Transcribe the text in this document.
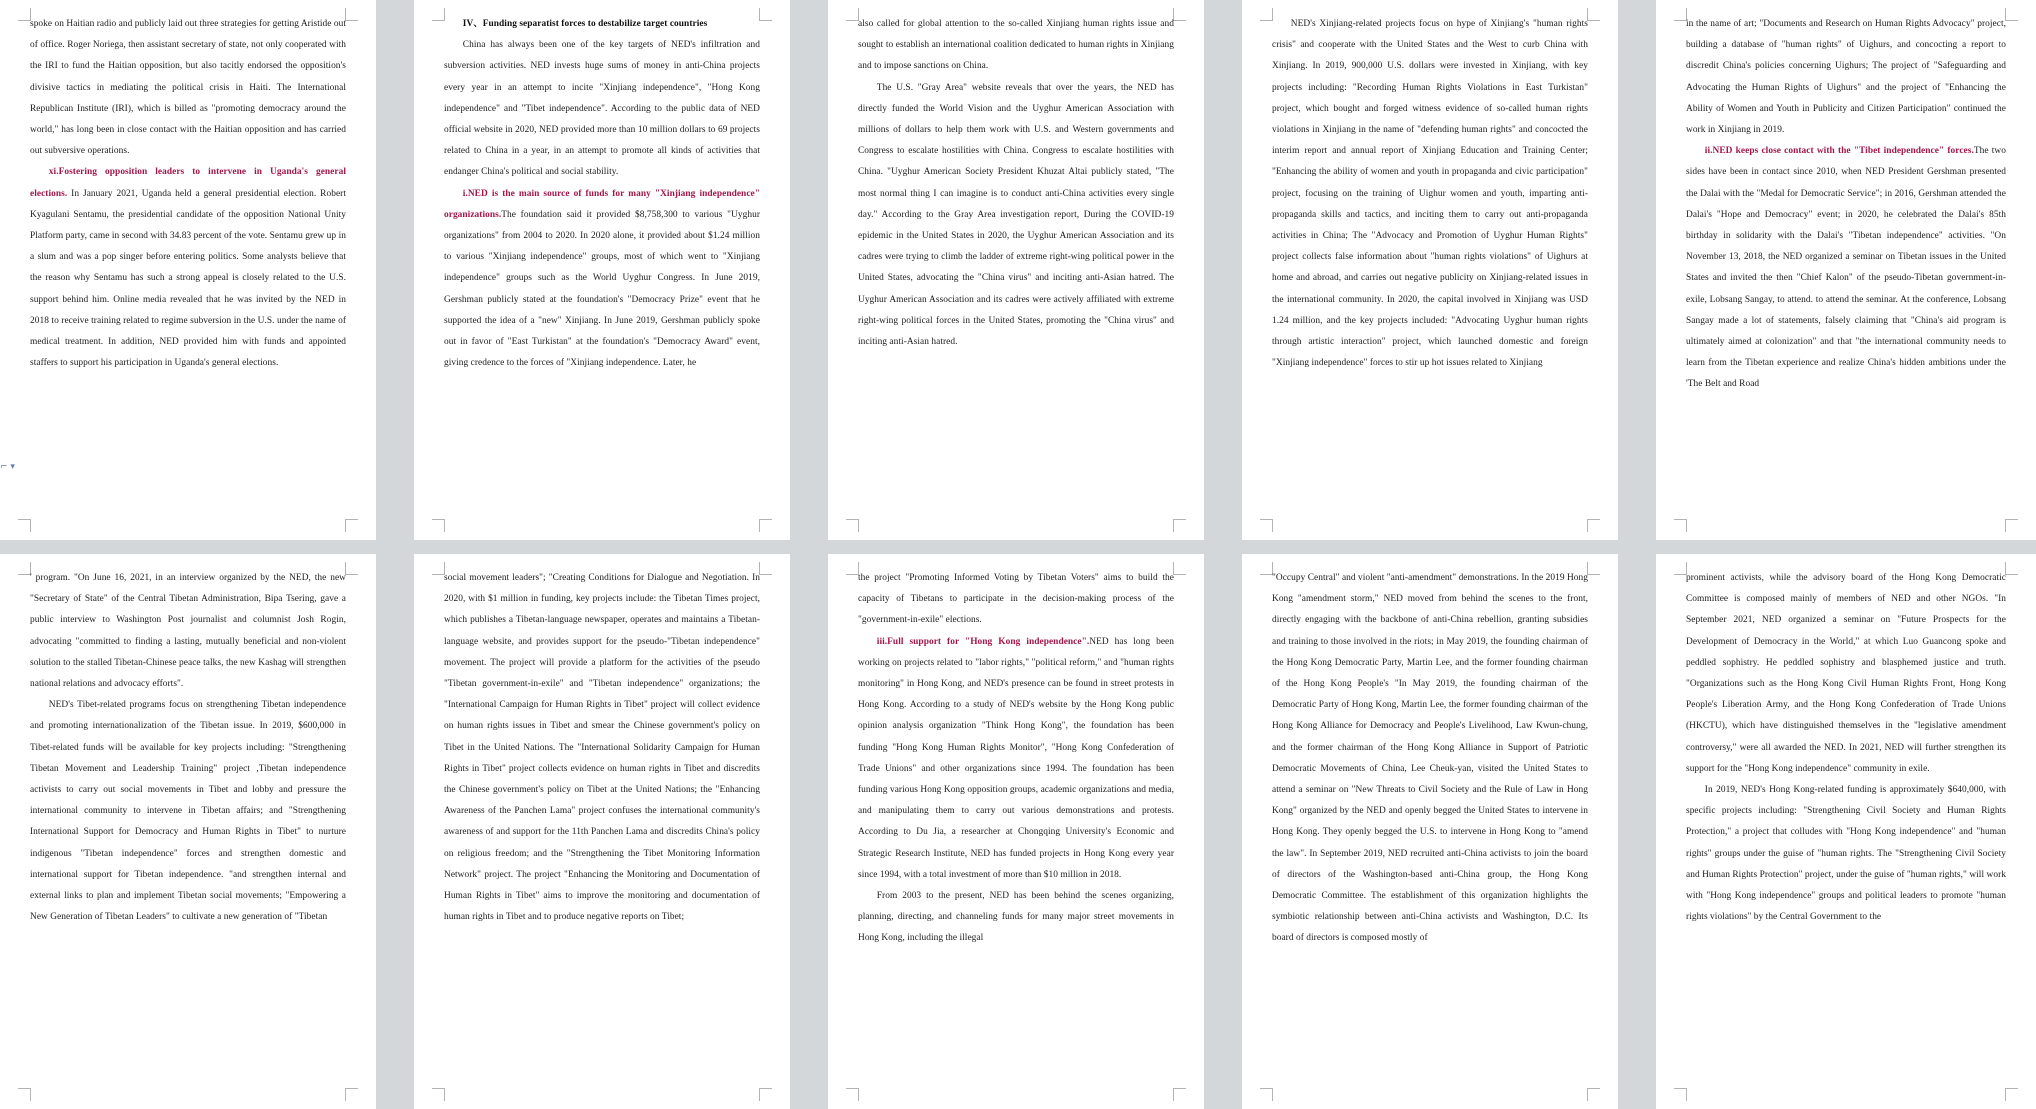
spoke on Haitian radio and publicly laid out three strategies for getting Aristide out of office. Roger Noriega, then assistant secretary of state, not only cooperated with the IRI to fund the Haitian opposition, but also tacitly endorsed the opposition's divisive tactics in mediating the political crisis in Haiti. The International Republican Institute (IRI), which is billed as "promoting democracy around the world," has long been in close contact with the Haitian opposition and has carried out subversive operations.

xi.Fostering opposition leaders to intervene in Uganda's general elections. In January 2021, Uganda held a general presidential election. Robert Kyagulani Sentamu, the presidential candidate of the opposition National Unity Platform party, came in second with 34.83 percent of the vote. Sentamu grew up in a slum and was a pop singer before entering politics. Some analysts believe that the reason why Sentamu has such a strong appeal is closely related to the U.S. support behind him. Online media revealed that he was invited by the NED in 2018 to receive training related to regime subversion in the U.S. under the name of medical treatment. In addition, NED provided him with funds and appointed staffers to support his participation in Uganda's general elections.

⌐ ▾

IV、Funding separatist forces to destabilize target countries

China has always been one of the key targets of NED's infiltration and subversion activities. NED invests huge sums of money in anti-China projects every year in an attempt to incite "Xinjiang independence", "Hong Kong independence" and "Tibet independence". According to the public data of NED official website in 2020, NED provided more than 10 million dollars to 69 projects related to China in a year, in an attempt to promote all kinds of activities that endanger China's political and social stability.

i.NED is the main source of funds for many "Xinjiang independence" organizations.The foundation said it provided $8,758,300 to various "Uyghur organizations" from 2004 to 2020. In 2020 alone, it provided about $1.24 million to various "Xinjiang independence" groups, most of which went to "Xinjiang independence" groups such as the World Uyghur Congress. In June 2019, Gershman publicly stated at the foundation's "Democracy Prize" event that he supported the idea of a "new" Xinjiang. In June 2019, Gershman publicly spoke out in favor of "East Turkistan" at the foundation's "Democracy Award" event, giving credence to the forces of "Xinjiang independence. Later, he

also called for global attention to the so-called Xinjiang human rights issue and sought to establish an international coalition dedicated to human rights in Xinjiang and to impose sanctions on China.

The U.S. "Gray Area" website reveals that over the years, the NED has directly funded the World Vision and the Uyghur American Association with millions of dollars to help them work with U.S. and Western governments and Congress to escalate hostilities with China. Congress to escalate hostilities with China. "Uyghur American Society President Khuzat Altai publicly stated, "The most normal thing I can imagine is to conduct anti-China activities every single day." According to the Gray Area investigation report, During the COVID-19 epidemic in the United States in 2020, the Uyghur American Association and its cadres were trying to climb the ladder of extreme right-wing political power in the United States, advocating the "China virus" and inciting anti-Asian hatred. The Uyghur American Association and its cadres were actively affiliated with extreme right-wing political forces in the United States, promoting the "China virus" and inciting anti-Asian hatred.

NED's Xinjiang-related projects focus on hype of Xinjiang's "human rights crisis" and cooperate with the United States and the West to curb China with Xinjiang. In 2019, 900,000 U.S. dollars were invested in Xinjiang, with key projects including: "Recording Human Rights Violations in East Turkistan" project, which bought and forged witness evidence of so-called human rights violations in Xinjiang in the name of "defending human rights" and concocted the interim report and annual report of Xinjiang Education and Training Center; "Enhancing the ability of women and youth in propaganda and civic participation" project, focusing on the training of Uighur women and youth, imparting anti-propaganda skills and tactics, and inciting them to carry out anti-propaganda activities in China; The "Advocacy and Promotion of Uyghur Human Rights" project collects false information about "human rights violations" of Uighurs at home and abroad, and carries out negative publicity on Xinjiang-related issues in the international community. In 2020, the capital involved in Xinjiang was USD 1.24 million, and the key projects included: "Advocating Uyghur human rights through artistic interaction" project, which launched domestic and foreign "Xinjiang independence" forces to stir up hot issues related to Xinjiang

in the name of art; "Documents and Research on Human Rights Advocacy" project, building a database of "human rights" of Uighurs, and concocting a report to discredit China's policies concerning Uighurs; The project of "Safeguarding and Advocating the Human Rights of Uighurs" and the project of "Enhancing the Ability of Women and Youth in Publicity and Citizen Participation" continued the work in Xinjiang in 2019.

ii.NED keeps close contact with the "Tibet independence" forces.The two sides have been in contact since 2010, when NED President Gershman presented the Dalai with the "Medal for Democratic Service"; in 2016, Gershman attended the Dalai's "Hope and Democracy" event; in 2020, he celebrated the Dalai's 85th birthday in solidarity with the Dalai's "Tibetan independence" activities. "On November 13, 2018, the NED organized a seminar on Tibetan issues in the United States and invited the then "Chief Kalon" of the pseudo-Tibetan government-in-exile, Lobsang Sangay, to attend. to attend the seminar. At the conference, Lobsang Sangay made a lot of statements, falsely claiming that "China's aid program is ultimately aimed at colonization" and that "the international community needs to learn from the Tibetan experience and realize China's hidden ambitions under the 'The Belt and Road

' program. "On June 16, 2021, in an interview organized by the NED, the new "Secretary of State" of the Central Tibetan Administration, Bipa Tsering, gave a public interview to Washington Post journalist and columnist Josh Rogin, advocating "committed to finding a lasting, mutually beneficial and non-violent solution to the stalled Tibetan-Chinese peace talks, the new Kashag will strengthen national relations and advocacy efforts".

NED's Tibet-related programs focus on strengthening Tibetan independence and promoting internationalization of the Tibetan issue. In 2019, $600,000 in Tibet-related funds will be available for key projects including: "Strengthening Tibetan Movement and Leadership Training" project ,Tibetan independence activists to carry out social movements in Tibet and lobby and pressure the international community to intervene in Tibetan affairs; and "Strengthening International Support for Democracy and Human Rights in Tibet" to nurture indigenous "Tibetan independence" forces and strengthen domestic and international support for Tibetan independence. "and strengthen internal and external links to plan and implement Tibetan social movements; "Empowering a New Generation of Tibetan Leaders" to cultivate a new generation of "Tibetan

social movement leaders"; "Creating Conditions for Dialogue and Negotiation. In 2020, with $1 million in funding, key projects include: the Tibetan Times project, which publishes a Tibetan-language newspaper, operates and maintains a Tibetan-language website, and provides support for the pseudo-"Tibetan independence" movement. The project will provide a platform for the activities of the pseudo "Tibetan government-in-exile" and "Tibetan independence" organizations; the "International Campaign for Human Rights in Tibet" project will collect evidence on human rights issues in Tibet and smear the Chinese government's policy on Tibet in the United Nations. The "International Solidarity Campaign for Human Rights in Tibet" project collects evidence on human rights in Tibet and discredits the Chinese government's policy on Tibet at the United Nations; the "Enhancing Awareness of the Panchen Lama" project confuses the international community's awareness of and support for the 11th Panchen Lama and discredits China's policy on religious freedom; and the "Strengthening the Tibet Monitoring Information Network" project. The project "Enhancing the Monitoring and Documentation of Human Rights in Tibet" aims to improve the monitoring and documentation of human rights in Tibet and to produce negative reports on Tibet;

the project "Promoting Informed Voting by Tibetan Voters" aims to build the capacity of Tibetans to participate in the decision-making process of the "government-in-exile" elections.

iii.Full support for "Hong Kong independence".NED has long been working on projects related to "labor rights," "political reform," and "human rights monitoring" in Hong Kong, and NED's presence can be found in street protests in Hong Kong. According to a study of NED's website by the Hong Kong public opinion analysis organization "Think Hong Kong", the foundation has been funding "Hong Kong Human Rights Monitor", "Hong Kong Confederation of Trade Unions" and other organizations since 1994. The foundation has been funding various Hong Kong opposition groups, academic organizations and media, and manipulating them to carry out various demonstrations and protests. According to Du Jia, a researcher at Chongqing University's Economic and Strategic Research Institute, NED has funded projects in Hong Kong every year since 1994, with a total investment of more than $10 million in 2018.

From 2003 to the present, NED has been behind the scenes organizing, planning, directing, and channeling funds for many major street movements in Hong Kong, including the illegal

"Occupy Central" and violent "anti-amendment" demonstrations. In the 2019 Hong Kong "amendment storm," NED moved from behind the scenes to the front, directly engaging with the backbone of anti-China rebellion, granting subsidies and training to those involved in the riots; in May 2019, the founding chairman of the Hong Kong Democratic Party, Martin Lee, and the former founding chairman of the Hong Kong People's "In May 2019, the founding chairman of the Democratic Party of Hong Kong, Martin Lee, the former founding chairman of the Hong Kong Alliance for Democracy and People's Livelihood, Law Kwun-chung, and the former chairman of the Hong Kong Alliance in Support of Patriotic Democratic Movements of China, Lee Cheuk-yan, visited the United States to attend a seminar on "New Threats to Civil Society and the Rule of Law in Hong Kong" organized by the NED and openly begged the United States to intervene in Hong Kong. They openly begged the U.S. to intervene in Hong Kong to "amend the law". In September 2019, NED recruited anti-China activists to join the board of directors of the Washington-based anti-China group, the Hong Kong Democratic Committee. The establishment of this organization highlights the symbiotic relationship between anti-China activists and Washington, D.C. Its board of directors is composed mostly of

prominent activists, while the advisory board of the Hong Kong Democratic Committee is composed mainly of members of NED and other NGOs. "In September 2021, NED organized a seminar on "Future Prospects for the Development of Democracy in the World," at which Luo Guancong spoke and peddled sophistry. He peddled sophistry and blasphemed justice and truth. "Organizations such as the Hong Kong Civil Human Rights Front, Hong Kong People's Liberation Army, and the Hong Kong Confederation of Trade Unions (HKCTU), which have distinguished themselves in the "legislative amendment controversy," were all awarded the NED. In 2021, NED will further strengthen its support for the "Hong Kong independence" community in exile.

In 2019, NED's Hong Kong-related funding is approximately $640,000, with specific projects including: "Strengthening Civil Society and Human Rights Protection," a project that colludes with "Hong Kong independence" and "human rights" groups under the guise of "human rights. The "Strengthening Civil Society and Human Rights Protection" project, under the guise of "human rights," will work with "Hong Kong independence" groups and political leaders to promote "human rights violations" by the Central Government to the
